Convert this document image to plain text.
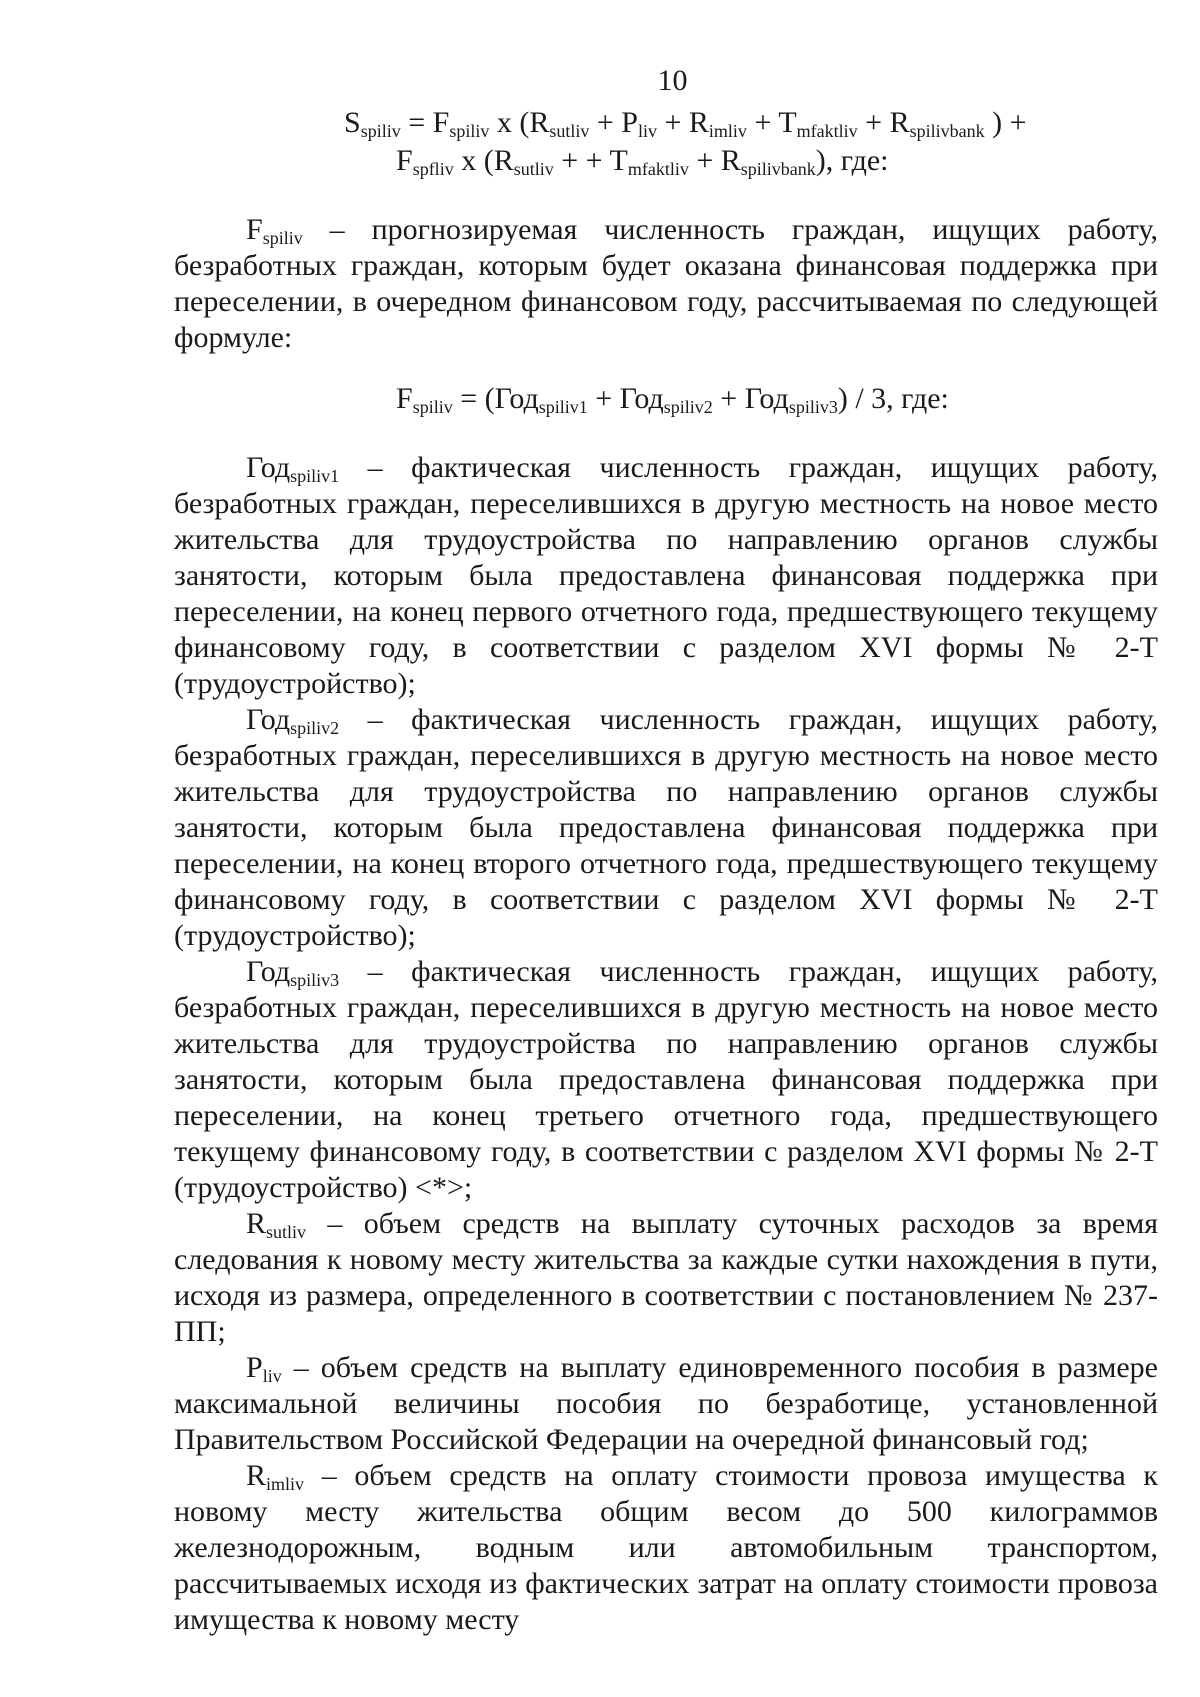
10
$S_{spiliv} = F_{spiliv}$ x ($R_{sutliv} + P_{liv} + R_{imliv} + T_{mfaktliv} + R_{spilivbank}$ ) +
$F_{spfliv}$ x ($R_{sutliv}$ + + $T_{mfaktliv} + R_{spilivbank}$), где:

$F_{spiliv}$ – прогнозируемая численность граждан, ищущих работу, безработных граждан, которым будет оказана финансовая поддержка при переселении, в очередном финансовом году, рассчитываемая по следующей формуле:

$F_{spiliv} = (Год_{spiliv1} + Год_{spiliv2} + Год_{spiliv3}) / 3$, где:

Год$_{spiliv1}$ – фактическая численность граждан, ищущих работу, безработных граждан, переселившихся в другую местность на новое место жительства для трудоустройства по направлению органов службы занятости, которым была предоставлена финансовая поддержка при переселении, на конец первого отчетного года, предшествующего текущему финансовому году, в соответствии с разделом XVI формы № 2-Т (трудоустройство);

Год$_{spiliv2}$ – фактическая численность граждан, ищущих работу, безработных граждан, переселившихся в другую местность на новое место жительства для трудоустройства по направлению органов службы занятости, которым была предоставлена финансовая поддержка при переселении, на конец второго отчетного года, предшествующего текущему финансовому году, в соответствии с разделом XVI формы № 2-Т (трудоустройство);

Год$_{spiliv3}$ – фактическая численность граждан, ищущих работу, безработных граждан, переселившихся в другую местность на новое место жительства для трудоустройства по направлению органов службы занятости, которым была предоставлена финансовая поддержка при переселении, на конец третьего отчетного года, предшествующего текущему финансовому году, в соответствии с разделом XVI формы № 2-Т (трудоустройство) <*>;

$R_{sutliv}$ – объем средств на выплату суточных расходов за время следования к новому месту жительства за каждые сутки нахождения в пути, исходя из размера, определенного в соответствии с постановлением № 237-ПП;

$P_{liv}$ – объем средств на выплату единовременного пособия в размере максимальной величины пособия по безработице, установленной Правительством Российской Федерации на очередной финансовый год;

$R_{imliv}$ – объем средств на оплату стоимости провоза имущества к новому месту жительства общим весом до 500 килограммов железнодорожным, водным или автомобильным транспортом, рассчитываемых исходя из фактических затрат на оплату стоимости провоза имущества к новому месту
